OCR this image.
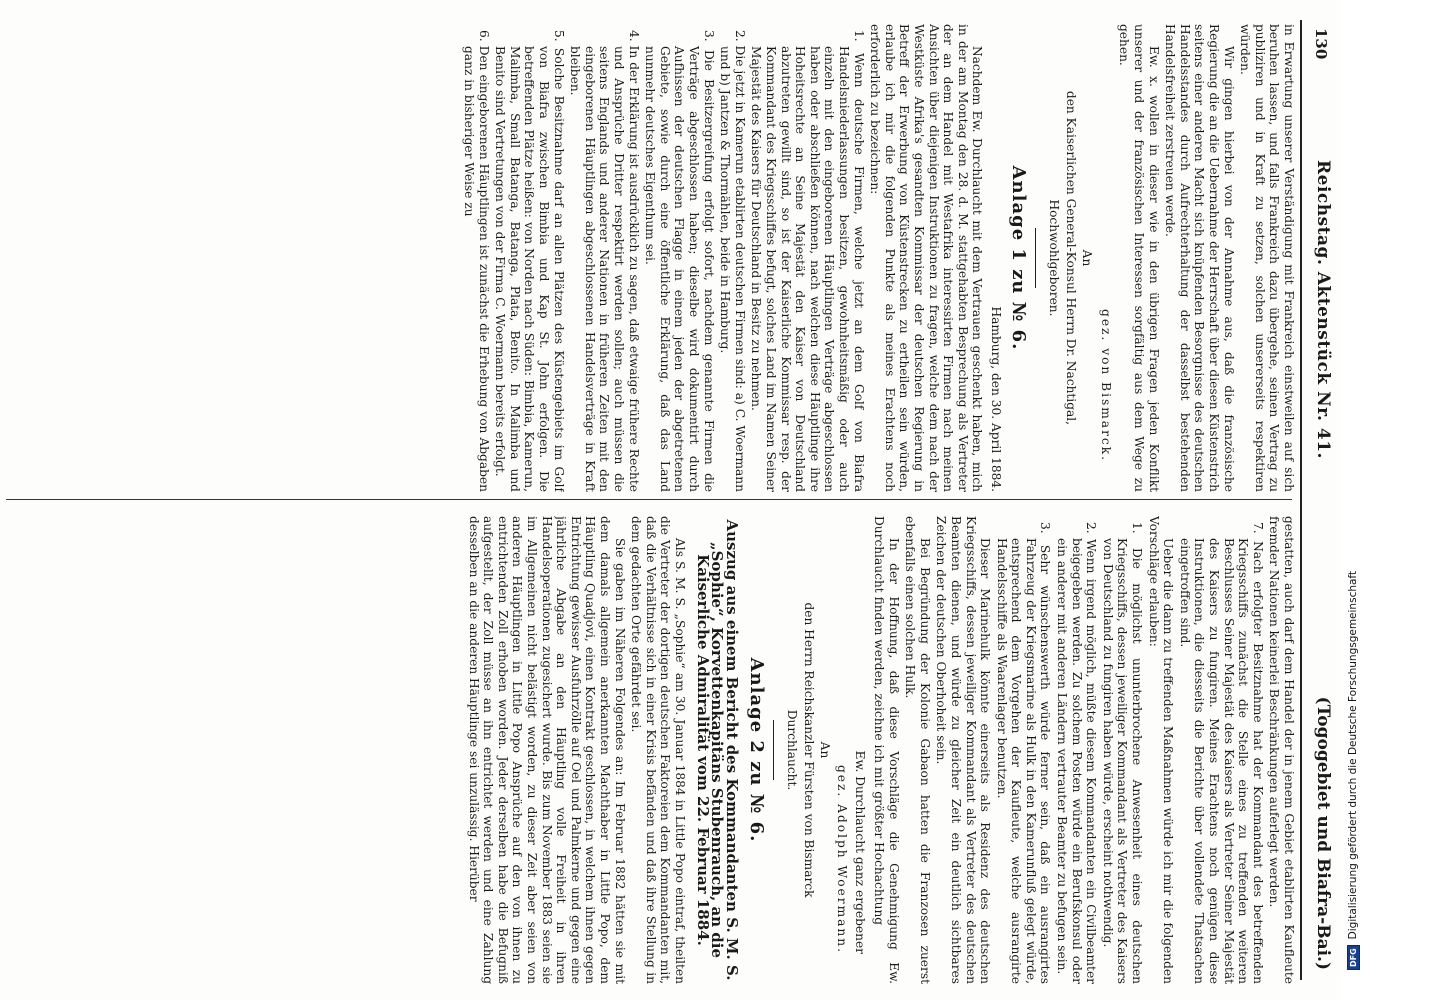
130
Reichstag. Aktenstück Nr. 41.
(Togogebiet und Biafra-Bai.)

in Erwartung unserer Verständigung mit Frankreich einstweilen auf sich beruhen lassen, und falls Frankreich dazu übergehe, seinen Vertrag zu publiziren und in Kraft zu setzen, solchen unsererseits respektiren würden.

Wir gingen hierbei von der Annahme aus, daß die französische Regierung die an die Uebernahme der Herrschaft über diesen Küstenstrich seitens einer anderen Macht sich knüpfenden Besorgnisse des deutschen Handelsstandes durch Aufrechterhaltung der dasselbst bestehenden Handelsfreiheit zerstreuen werde.

Ew. x. wollen in dieser wie in den übrigen Fragen jeden Konflikt unserer und der französischen Interessen sorgfältig aus dem Wege zu gehen.

gez. von Bismarck.

An

den Kaiserlichen General-Konsul Herrn Dr. Nachtigal,

Hochwohlgeboren.

Anlage 1 zu № 6.

Hamburg, den 30. April 1884.

Nachdem Ew. Durchlaucht mit dem Vertrauen geschenkt haben, mich in der am Montag den 28. d. M. stattgehabten Besprechung als Vertreter der an dem Handel mit Westafrika interessirten Firmen nach meinen Ansichten über diejenigen Instruktionen zu fragen, welche dem nach der Westküste Afrika's gesandten Kommissar der deutschen Regierung in Betreff der Erwerbung von Küstenstrecken zu ertheilen sein würden, erlaube ich mir die folgenden Punkte als meines Erachtens noch erforderlich zu bezeichnen:

1. Wenn deutsche Firmen, welche jetzt an dem Golf von Biafra Handelsniederlassungen besitzen, gewohnheitsmäßig oder auch einzeln mit den eingeborenen Häuptlingen Verträge abgeschlossen haben oder abschließen können, nach welchen diese Häuptlinge ihre Hoheitsrechte an Seine Majestät den Kaiser von Deutschland abzutreten gewillt sind, so ist der Kaiserliche Kommissar resp. der Kommandant des Kriegsschiffes befugt, solches Land im Namen Seiner Majestät des Kaisers für Deutschland in Besitz zu nehmen.

2. Die jetzt in Kamerun etablirten deutschen Firmen sind: a) C. Woermann und b) Jantzen & Thormählen, beide in Hamburg.

3. Die Besitzergreifung erfolgt sofort, nachdem genannte Firmen die Verträge abgeschlossen haben; dieselbe wird dokumentirt durch Aufhissen der deutschen Flagge in einem jeden der abgetretenen Gebiete, sowie durch eine öffentliche Erklärung, daß das Land nunmehr deutsches Eigenthum sei.

4. In der Erklärung ist ausdrücklich zu sagen, daß etwaige frühere Rechte und Ansprüche Dritter respektirt werden sollen; auch müssen die seitens Englands und anderer Nationen in früheren Zeiten mit den eingeborenen Häuptlingen abgeschlossenen Handelsverträge in Kraft bleiben.

5. Solche Besitznahme darf an allen Plätzen des Küstengebiets im Golf von Biafra zwischen Bimbia und Kap St. John erfolgen. Die betreffenden Plätze heißen: von Norden nach Süden: Bimbia, Kamerun, Malimba, Small Batanga, Batanga, Plata, Benito. In Malimba und Benito sind Vertretungen von der Firma C. Woermann bereits erfolgt.

6. Den eingeborenen Häuptlingen ist zunächst die Erhebung von Abgaben ganz in bisheriger Weise zu

gestatten, auch darf dem Handel der in jenem Gebiet etablirten Kaufleute fremder Nationen keinerlei Beschränkungen auferlegt werden.

7. Nach erfolgter Besitznahme hat der Kommandant des betreffenden Kriegsschiffs zunächst die Stelle eines zu treffenden weiteren Beschlusses Seiner Majestät des Kaisers als Vertreter Seiner Majestät des Kaisers zu fungiren. Meines Erachtens noch genügen diese Instruktionen, die diesseits die Berichte über vollendete Thatsachen eingetroffen sind.

Ueber die dann zu treffenden Maßnahmen würde ich mir die folgenden Vorschläge erlauben:

1. Die möglichst ununterbrochene Anwesenheit eines deutschen Kriegsschiffs, dessen jeweiliger Kommandant als Vertreter des Kaisers von Deutschland zu fungiren haben würde, erscheint nothwendig.

2. Wenn irgend möglich, müßte diesem Kommandanten ein Civilbeamter beigegeben werden. Zu solchem Posten würde ein Berufskonsul oder ein anderer mit anderen Ländern vertrauter Beamter zu befugen sein.

3. Sehr wünschenswerth würde ferner sein, daß ein ausrangirtes Fahrzeug der Kriegsmarine als Hulk in den Kamerunfluß gelegt würde, entsprechend dem Vorgehen der Kaufleute, welche ausrangirte Handelsschiffe als Waarenlager benutzen.

Dieser Marinehulk könnte einerseits als Residenz des deutschen Kriegsschiffs, dessen jeweiliger Kommandant als Vertreter des deutschen Beamten dienen, und würde zu gleicher Zeit ein deutlich sichtbares Zeichen der deutschen Oberhoheit sein.

Bei Begründung der Kolonie Gabaon hatten die Franzosen zuerst ebenfalls einen solchen Hulk.

In der Hoffnung, daß diese Vorschläge die Genehmigung Ew. Durchlaucht finden werden, zeichne ich mit größter Hochachtung

Ew. Durchlaucht ganz ergebener

gez. Adolph Woermann.

An

den Herrn Reichskanzler Fürsten von Bismarck

Durchlaucht.

Anlage 2 zu № 6.

Auszug aus einem Bericht des Kommandanten S. M. S. „Sophie“, Korvettenkapitäns Stubenrauch, an die Kaiserliche Admiralität vom 22. Februar 1884.

Als S. M. S. „Sophie“ am 30. Januar 1884 in Little Popo eintraf, theilten die Vertreter der dortigen deutschen Faktoreien dem Kommandanten mit, daß die Verhältnisse sich in einer Krisis befänden und daß ihre Stellung in dem gedachten Orte gefährdet sei.

Sie gaben im Näheren Folgendes an: Im Februar 1882 hätten sie mit dem damals allgemein anerkannten Machthaber in Little Popo, dem Häuptling Quadjovi, einen Kontrakt geschlossen, in welchem ihnen gegen Entrichtung gewisser Ausfuhrzölle auf Oel und Palmkerne und gegen eine jährliche Abgabe an den Häuptling volle Freiheit in ihren Handelsoperationen zugesichert wurde. Bis zum November 1883 seien sie im Allgemeinen nicht belästigt worden, zu dieser Zeit aber seien von anderen Häuptlingen in Little Popo Ansprüche auf den von ihnen zu entrichtenden Zoll erhoben worden. Jeder derselben habe die Befugniß aufgestellt, der Zoll müsse an ihn entrichtet werden und eine Zahlung desselben an die anderen Häuptlinge sei unzulässig. Hierüber

DFG
Digitalisierung gefördert durch die Deutsche Forschungsgemeinschaft
